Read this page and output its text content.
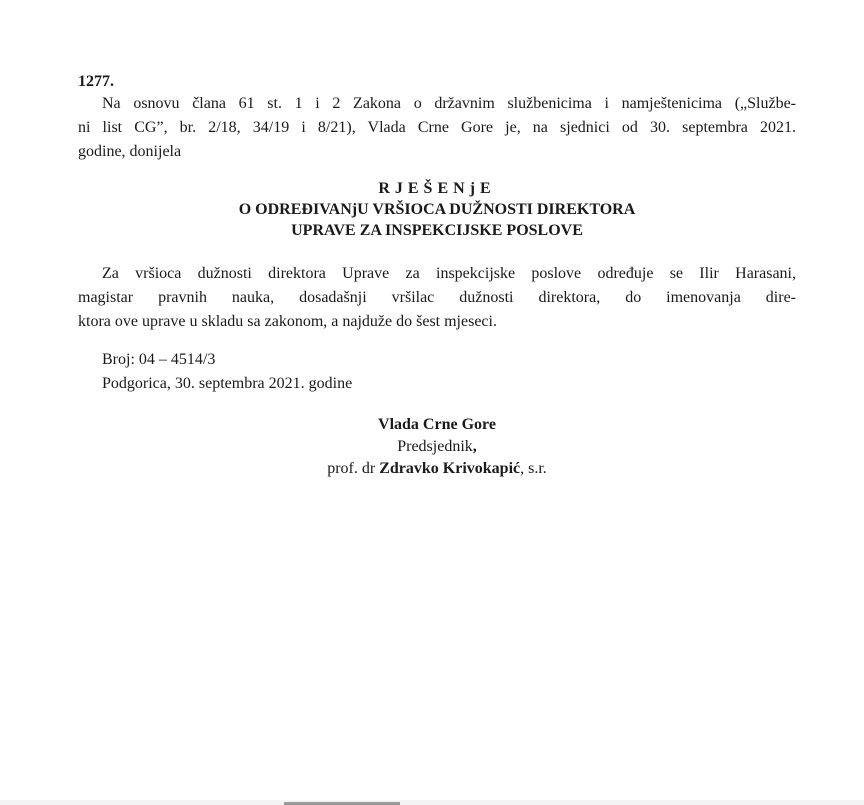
1277.
Na osnovu člana 61 st. 1 i 2 Zakona o državnim službenicima i namještenicima („Službe-
ni list CG”, br. 2/18, 34/19 i 8/21), Vlada Crne Gore je, na sjednici od 30. septembra 2021.
godine, donijela
RJEŠENjE
O ODREĐIVANjU VRŠIOCA DUŽNOSTI DIREKTORA
UPRAVE ZA INSPEKCIJSKE POSLOVE
Za vršioca dužnosti direktora Uprave za inspekcijske poslove određuje se Ilir Harasani,
magistar pravnih nauka, dosadašnji vršilac dužnosti direktora, do imenovanja dire-
ktora ove uprave u skladu sa zakonom, a najduže do šest mjeseci.
Broj: 04 – 4514/3
Podgorica, 30. septembra 2021. godine
Vlada Crne Gore
Predsjednik,
prof. dr Zdravko Krivokapić, s.r.
